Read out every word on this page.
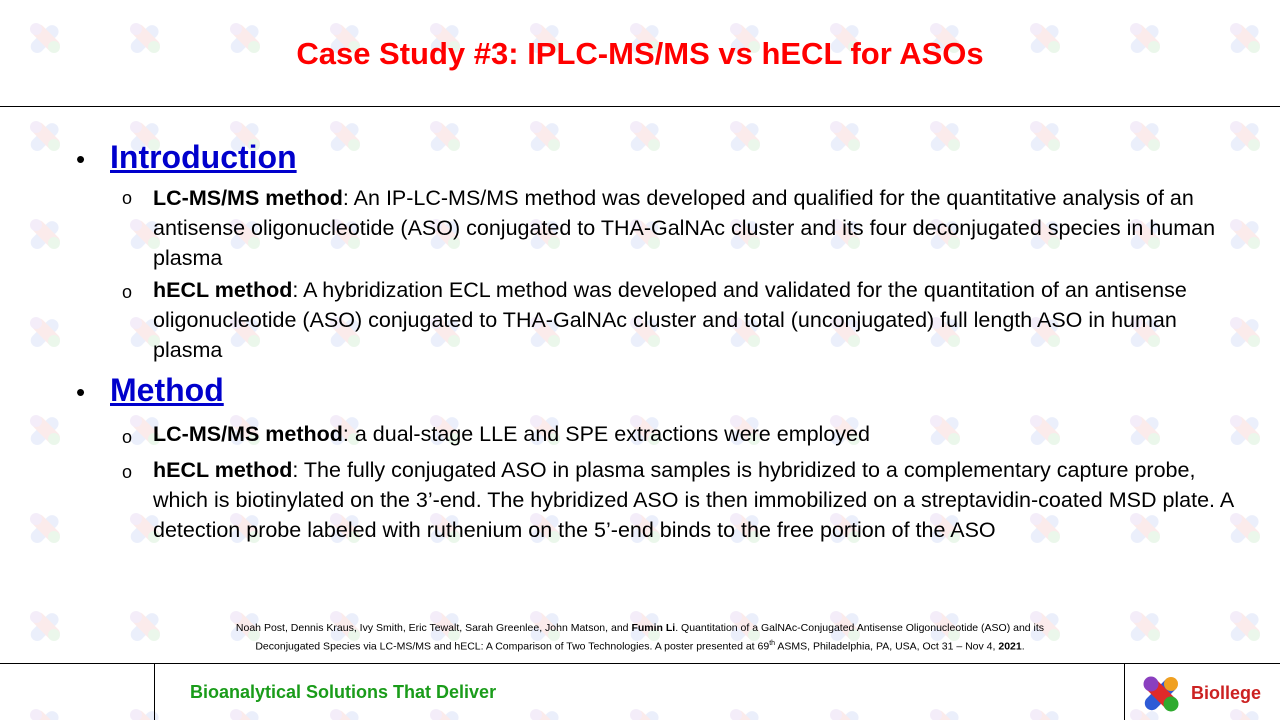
Case Study #3: IPLC-MS/MS vs hECL for ASOs
• Introduction
o LC-MS/MS method: An IP-LC-MS/MS method was developed and qualified for the quantitative analysis of an antisense oligonucleotide (ASO) conjugated to THA-GalNAc cluster and its four deconjugated species in human plasma
o hECL method: A hybridization ECL method was developed and validated for the quantitation of an antisense oligonucleotide (ASO) conjugated to THA-GalNAc cluster and total (unconjugated) full length ASO in human plasma
• Method
o LC-MS/MS method: a dual-stage LLE and SPE extractions were employed
o hECL method: The fully conjugated ASO in plasma samples is hybridized to a complementary capture probe, which is biotinylated on the 3’-end. The hybridized ASO is then immobilized on a streptavidin-coated MSD plate. A detection probe labeled with ruthenium on the 5’-end binds to the free portion of the ASO
Noah Post, Dennis Kraus, Ivy Smith, Eric Tewalt, Sarah Greenlee, John Matson, and Fumin Li. Quantitation of a GalNAc-Conjugated Antisense Oligonucleotide (ASO) and its
Deconjugated Species via LC-MS/MS and hECL: A Comparison of Two Technologies. A poster presented at 69th ASMS, Philadelphia, PA, USA, Oct 31 – Nov 4, 2021.
Bioanalytical Solutions That Deliver	Biollege
